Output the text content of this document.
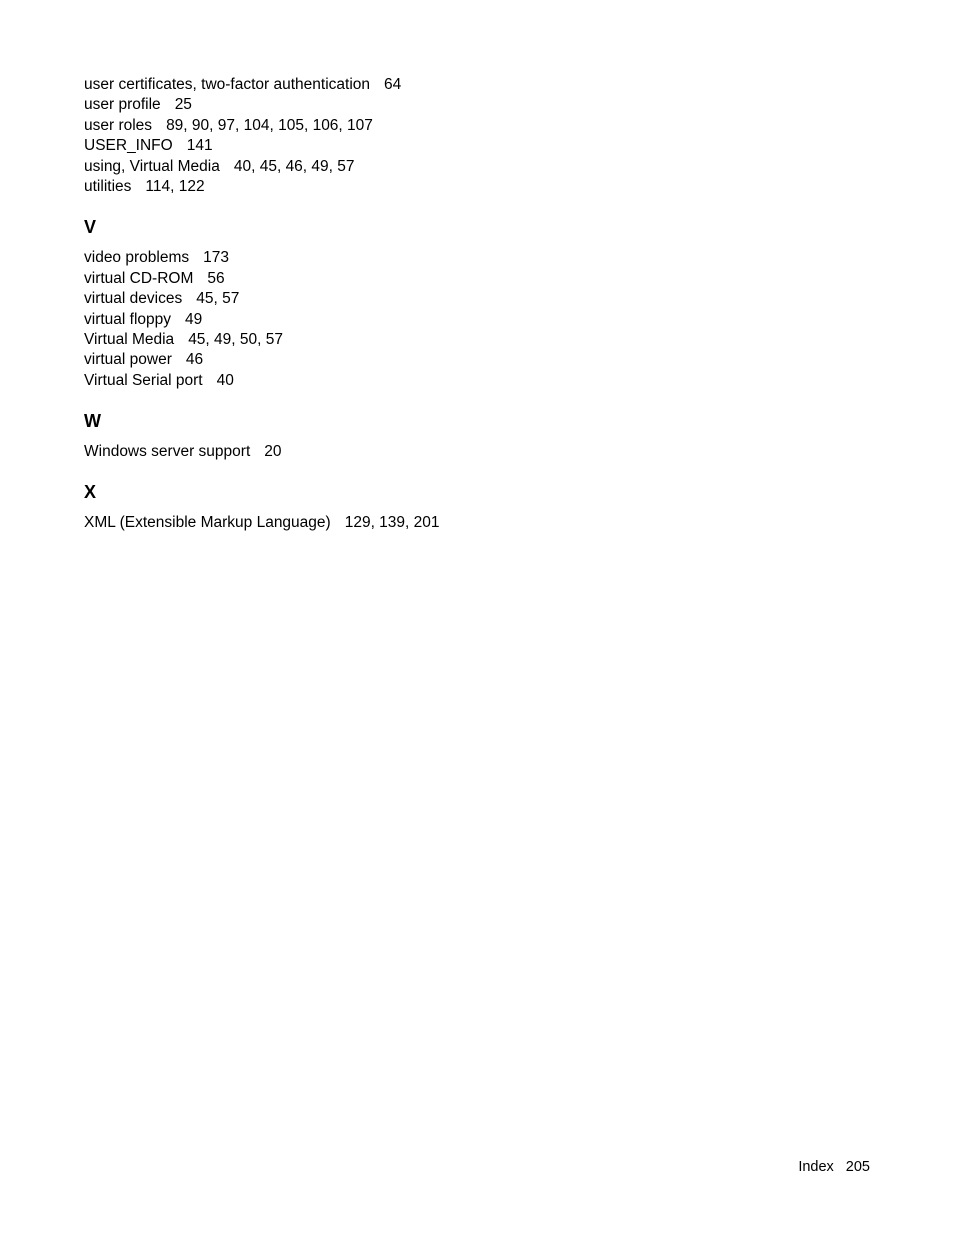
user certificates, two-factor authentication 64
user profile 25
user roles 89, 90, 97, 104, 105, 106, 107
USER_INFO 141
using, Virtual Media 40, 45, 46, 49, 57
utilities 114, 122
V
video problems 173
virtual CD-ROM 56
virtual devices 45, 57
virtual floppy 49
Virtual Media 45, 49, 50, 57
virtual power 46
Virtual Serial port 40
W
Windows server support 20
X
XML (Extensible Markup Language) 129, 139, 201
Index 205
